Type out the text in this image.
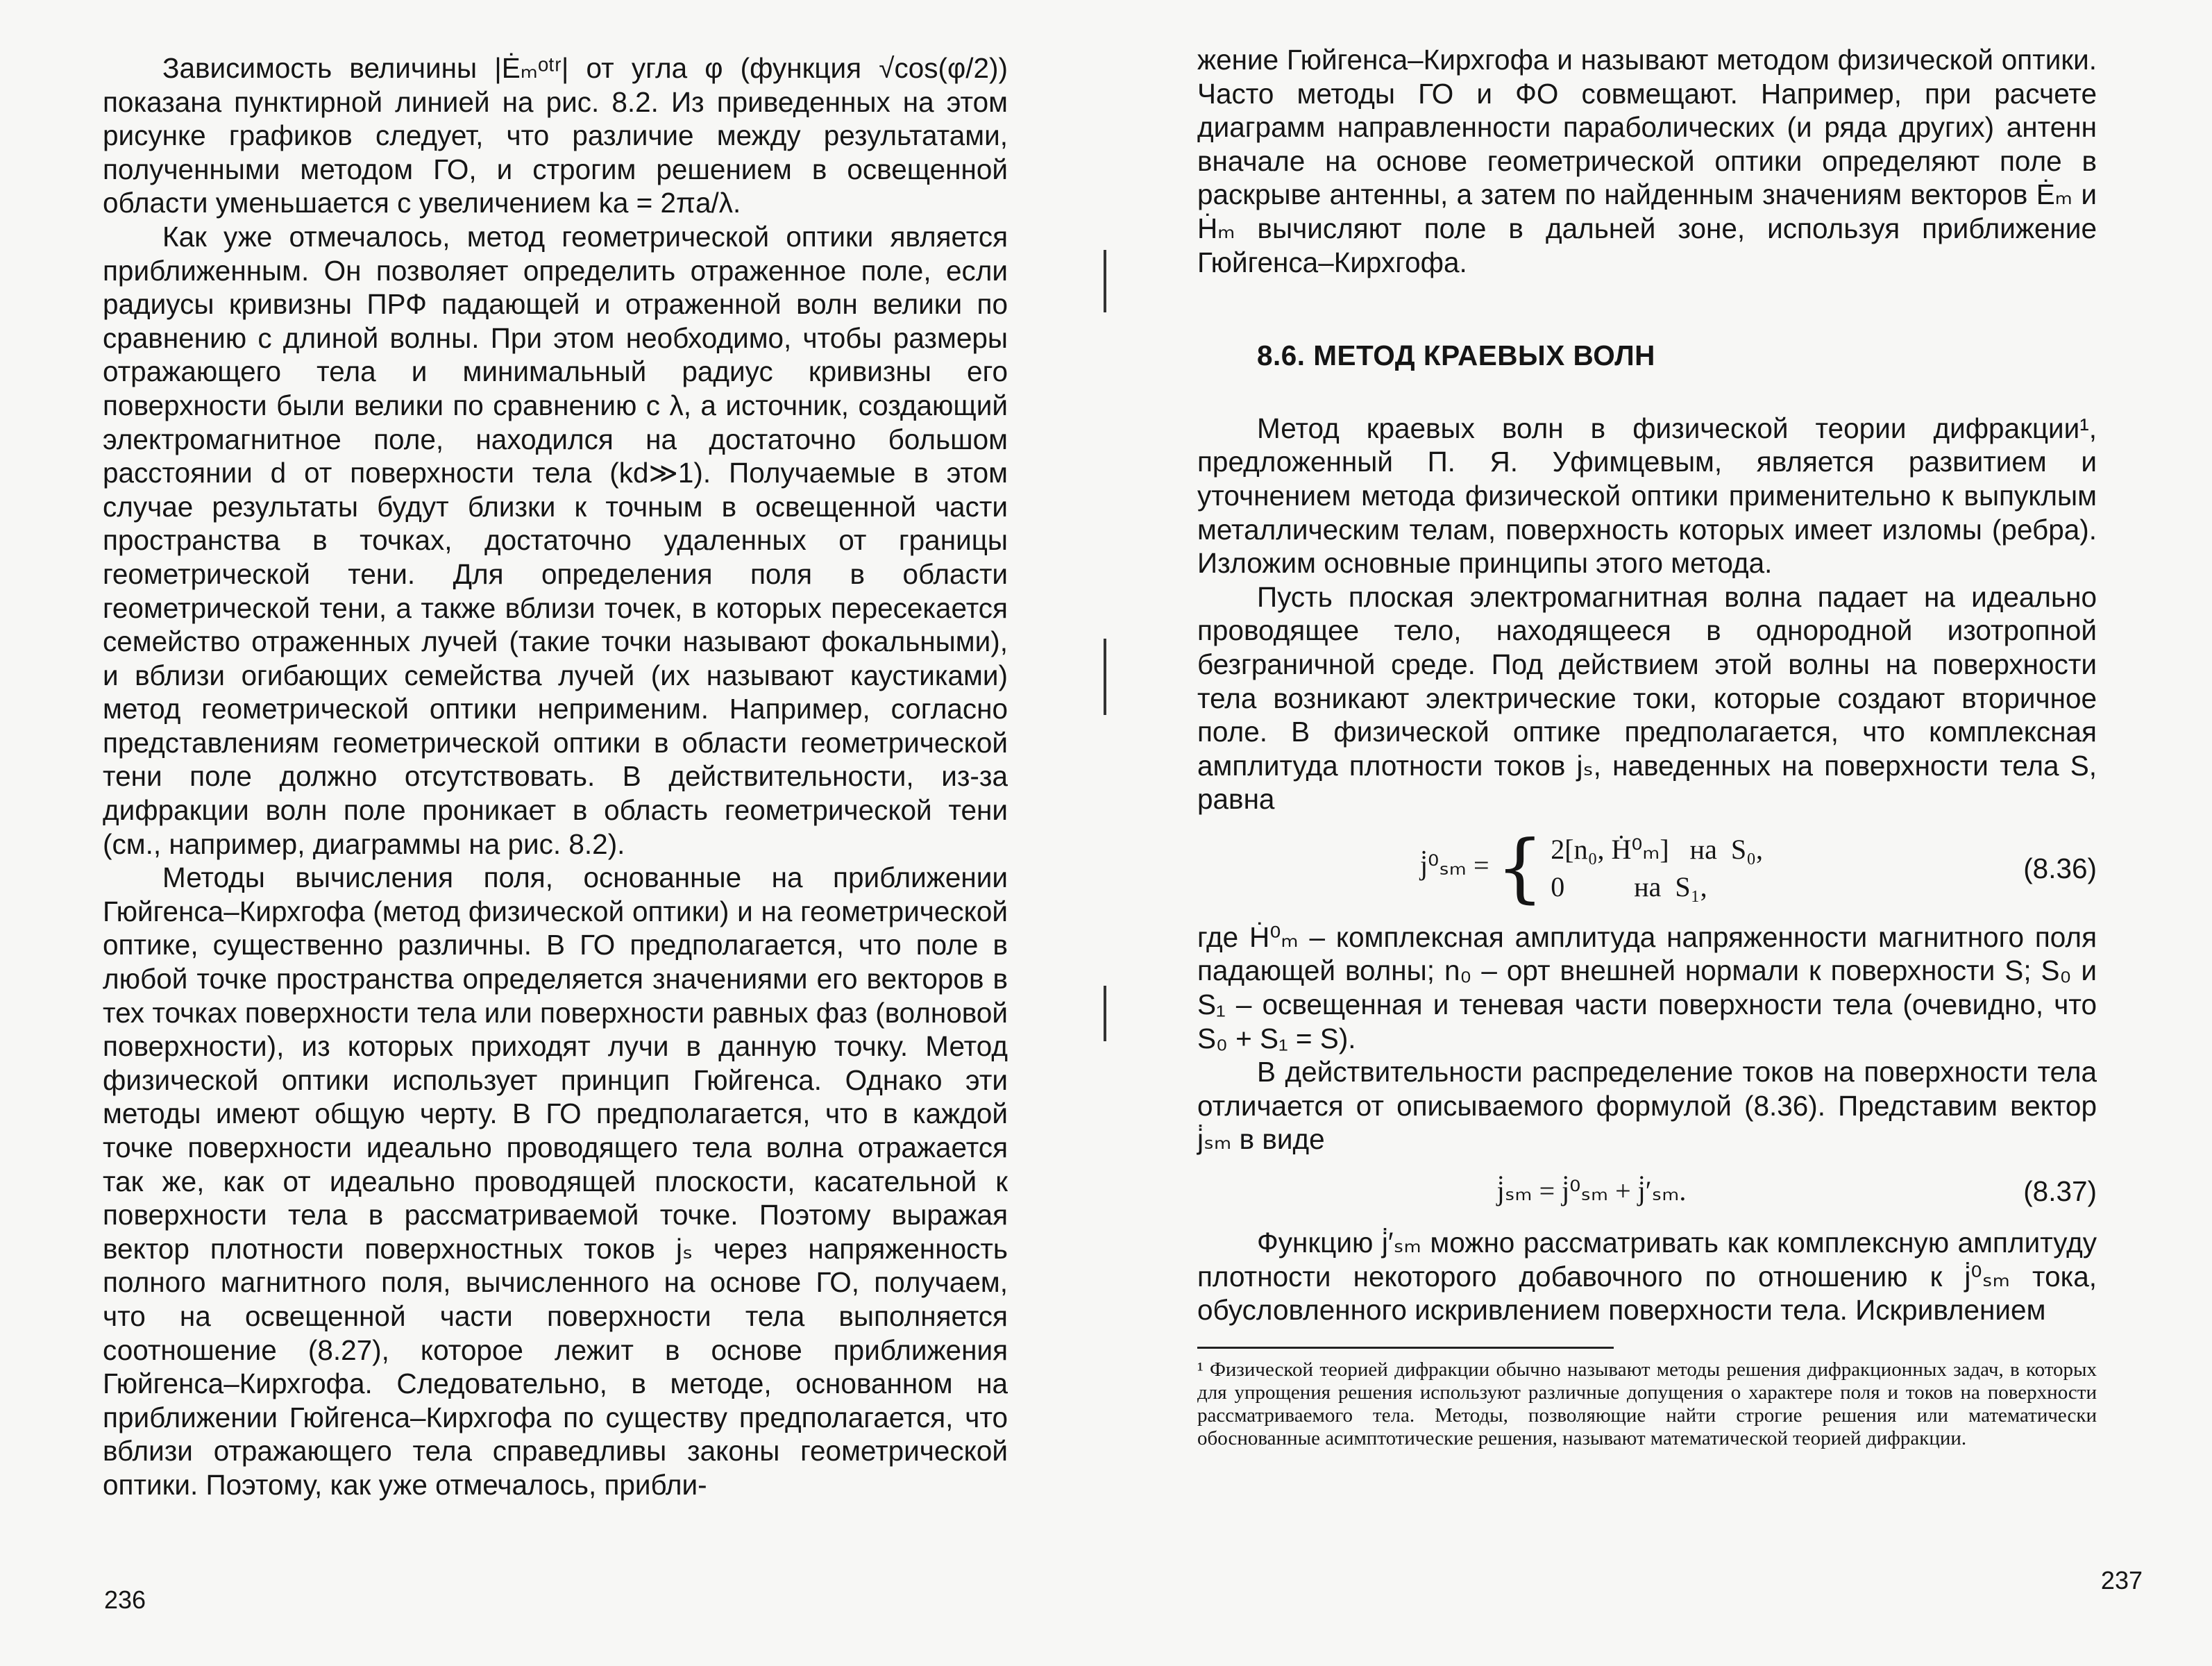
Зависимость величины |Ėₘᵒᵗʳ| от угла φ (функция √cos(φ/2)) показана пунктирной линией на рис. 8.2. Из приведенных на этом рисунке графиков следует, что различие между результатами, полученными методом ГО, и строгим решением в освещенной области уменьшается с увеличением ka = 2πa/λ.

Как уже отмечалось, метод геометрической оптики является приближенным. Он позволяет определить отраженное поле, если радиусы кривизны ПРФ падающей и отраженной волн велики по сравнению с длиной волны. При этом необходимо, чтобы размеры отражающего тела и минимальный радиус кривизны его поверхности были велики по сравнению с λ, а источник, создающий электромагнитное поле, находился на достаточно большом расстоянии d от поверхности тела (kd≫1). Получаемые в этом случае результаты будут близки к точным в освещенной части пространства в точках, достаточно удаленных от границы геометрической тени. Для определения поля в области геометрической тени, а также вблизи точек, в которых пересекается семейство отраженных лучей (такие точки называют фокальными), и вблизи огибающих семейства лучей (их называют каустиками) метод геометрической оптики неприменим. Например, согласно представлениям геометрической оптики в области геометрической тени поле должно отсутствовать. В действительности, из-за дифракции волн поле проникает в область геометрической тени (см., например, диаграммы на рис. 8.2).

Методы вычисления поля, основанные на приближении Гюйгенса–Кирхгофа (метод физической оптики) и на геометрической оптике, существенно различны. В ГО предполагается, что поле в любой точке пространства определяется значениями его векторов в тех точках поверхности тела или поверхности равных фаз (волновой поверхности), из которых приходят лучи в данную точку. Метод физической оптики использует принцип Гюйгенса. Однако эти методы имеют общую черту. В ГО предполагается, что в каждой точке поверхности идеально проводящего тела волна отражается так же, как от идеально проводящей плоскости, касательной к поверхности тела в рассматриваемой точке. Поэтому выражая вектор плотности поверхностных токов jₛ через напряженность полного магнитного поля, вычисленного на основе ГО, получаем, что на освещенной части поверхности тела выполняется соотношение (8.27), которое лежит в основе приближения Гюйгенса–Кирхгофа. Следовательно, в методе, основанном на приближении Гюйгенса–Кирхгофа по существу предполагается, что вблизи отражающего тела справедливы законы геометрической оптики. Поэтому, как уже отмечалось, прибли-

236

жение Гюйгенса–Кирхгофа и называют методом физической оптики. Часто методы ГО и ФО совмещают. Например, при расчете диаграмм направленности параболических (и ряда других) антенн вначале на основе геометрической оптики определяют поле в раскрыве антенны, а затем по найденным значениям векторов Ėₘ и Ḣₘ вычисляют поле в дальней зоне, используя приближение Гюйгенса–Кирхгофа.

8.6. МЕТОД КРАЕВЫХ ВОЛН

Метод краевых волн в физической теории дифракции¹, предложенный П. Я. Уфимцевым, является развитием и уточнением метода физической оптики применительно к выпуклым металлическим телам, поверхность которых имеет изломы (ребра). Изложим основные принципы этого метода.

Пусть плоская электромагнитная волна падает на идеально проводящее тело, находящееся в однородной изотропной безграничной среде. Под действием этой волны на поверхности тела возникают электрические токи, которые создают вторичное поле. В физической оптике предполагается, что комплексная амплитуда плотности токов jₛ, наведенных на поверхности тела S, равна

j̇⁰ₛₘ = { 2[n₀, Ḣ⁰ₘ]   на  S₀,
0          на  S₁,
(8.36)

где Ḣ⁰ₘ – комплексная амплитуда напряженности магнитного поля падающей волны; n₀ – орт внешней нормали к поверхности S; S₀ и S₁ – освещенная и теневая части поверхности тела (очевидно, что S₀ + S₁ = S).

В действительности распределение токов на поверхности тела отличается от описываемого формулой (8.36). Представим вектор j̇ₛₘ в виде

j̇ₛₘ = j̇⁰ₛₘ + j̇′ₛₘ.	(8.37)

Функцию j̇′ₛₘ можно рассматривать как комплексную амплитуду плотности некоторого добавочного по отношению к j̇⁰ₛₘ тока, обусловленного искривлением поверхности тела. Искривлением

¹ Физической теорией дифракции обычно называют методы решения дифракционных задач, в которых для упрощения решения используют различные допущения о характере поля и токов на поверхности рассматриваемого тела. Методы, позволяющие найти строгие решения или математически обоснованные асимптотические решения, называют математической теорией дифракции.

237
